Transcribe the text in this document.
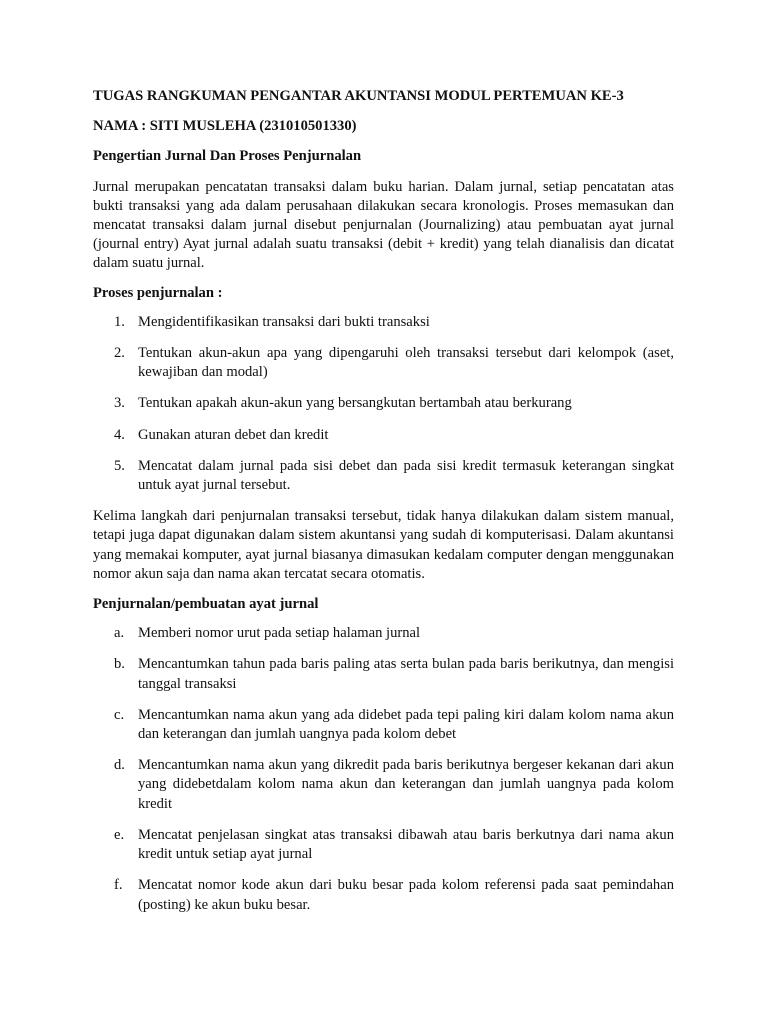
TUGAS RANGKUMAN PENGANTAR AKUNTANSI MODUL PERTEMUAN KE-3

NAMA : SITI MUSLEHA (231010501330)

Pengertian Jurnal Dan Proses Penjurnalan

Jurnal merupakan pencatatan transaksi dalam buku harian. Dalam jurnal, setiap pencatatan atas bukti transaksi yang ada dalam perusahaan dilakukan secara kronologis. Proses memasukan dan mencatat transaksi dalam jurnal disebut penjurnalan (Journalizing) atau pembuatan ayat jurnal (journal entry) Ayat jurnal adalah suatu transaksi (debit + kredit) yang telah dianalisis dan dicatat dalam suatu jurnal.

Proses penjurnalan :

1. Mengidentifikasikan transaksi dari bukti transaksi
2. Tentukan akun-akun apa yang dipengaruhi oleh transaksi tersebut dari kelompok (aset, kewajiban dan modal)
3. Tentukan apakah akun-akun yang bersangkutan bertambah atau berkurang
4. Gunakan aturan debet dan kredit
5. Mencatat dalam jurnal pada sisi debet dan pada sisi kredit termasuk keterangan singkat untuk ayat jurnal tersebut.

Kelima langkah dari penjurnalan transaksi tersebut, tidak hanya dilakukan dalam sistem manual, tetapi juga dapat digunakan dalam sistem akuntansi yang sudah di komputerisasi. Dalam akuntansi yang memakai komputer, ayat jurnal biasanya dimasukan kedalam computer dengan menggunakan nomor akun saja dan nama akan tercatat secara otomatis.

Penjurnalan/pembuatan ayat jurnal

a. Memberi nomor urut pada setiap halaman jurnal
b. Mencantumkan tahun pada baris paling atas serta bulan pada baris berikutnya, dan mengisi tanggal transaksi
c. Mencantumkan nama akun yang ada didebet pada tepi paling kiri dalam kolom nama akun dan keterangan dan jumlah uangnya pada kolom debet
d. Mencantumkan nama akun yang dikredit pada baris berikutnya bergeser kekanan dari akun yang didebetdalam kolom nama akun dan keterangan dan jumlah uangnya pada kolom kredit
e. Mencatat penjelasan singkat atas transaksi dibawah atau baris berkutnya dari nama akun kredit untuk setiap ayat jurnal
f. Mencatat nomor kode akun dari buku besar pada kolom referensi pada saat pemindahan (posting) ke akun buku besar.
